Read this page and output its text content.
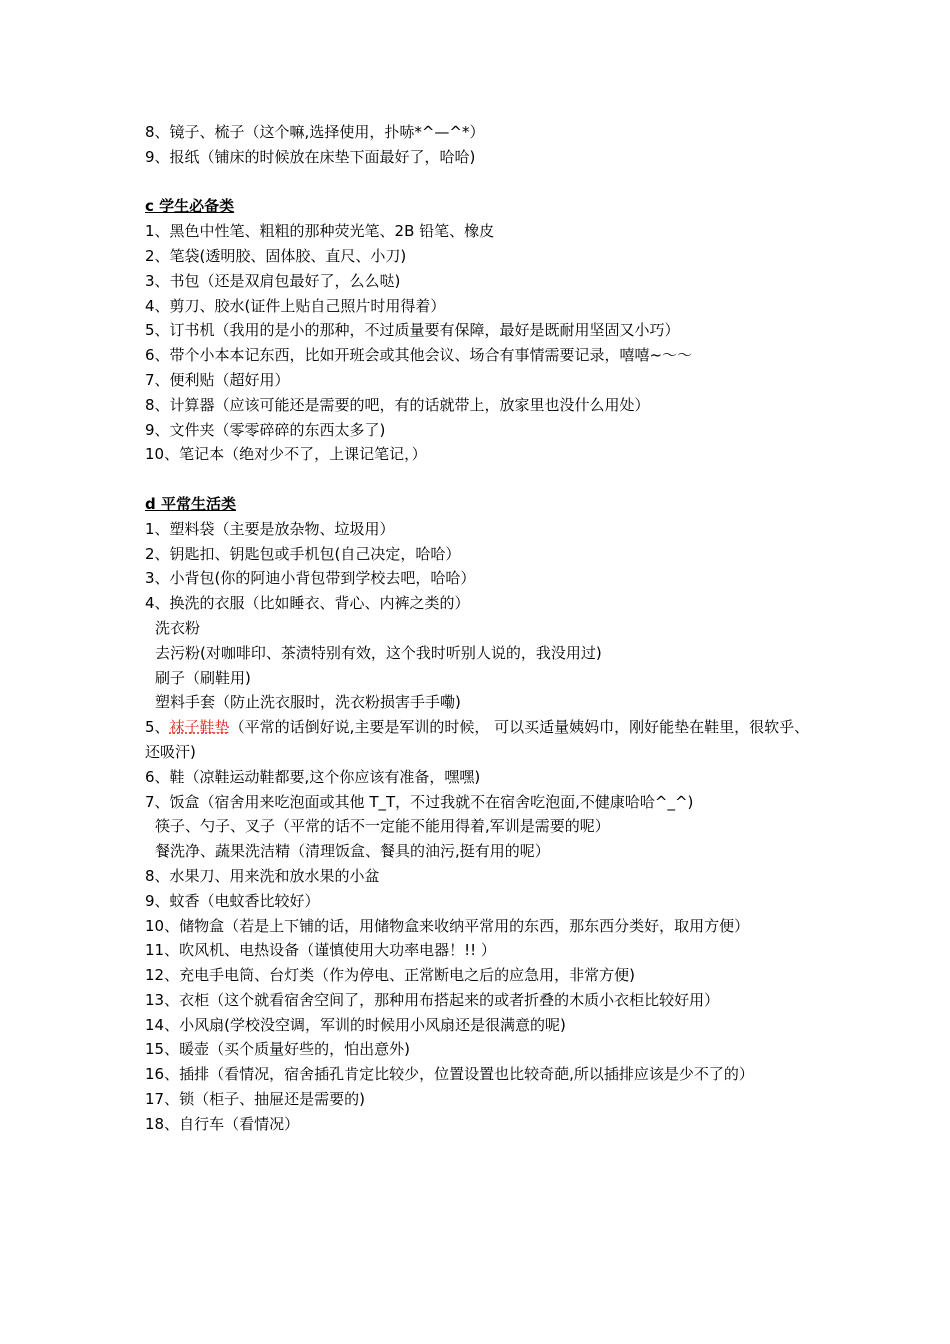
8、镜子、梳子（这个嘛,选择使用，扑哧*^—^*）
9、报纸（铺床的时候放在床垫下面最好了，哈哈)
c 学生必备类
1、黑色中性笔、粗粗的那种荧光笔、2B 铅笔、橡皮
2、笔袋(透明胶、固体胶、直尺、小刀)
3、书包（还是双肩包最好了，么么哒)
4、剪刀、胶水(证件上贴自己照片时用得着）
5、订书机（我用的是小的那种，不过质量要有保障，最好是既耐用坚固又小巧）
6、带个小本本记东西，比如开班会或其他会议、场合有事情需要记录，嘻嘻~～～
7、便利贴（超好用）
8、计算器（应该可能还是需要的吧，有的话就带上，放家里也没什么用处）
9、文件夹（零零碎碎的东西太多了)
10、笔记本（绝对少不了，上课记笔记，）
d 平常生活类
1、塑料袋（主要是放杂物、垃圾用）
2、钥匙扣、钥匙包或手机包(自己决定，哈哈）
3、小背包(你的阿迪小背包带到学校去吧，哈哈）
4、换洗的衣服（比如睡衣、背心、内裤之类的）
洗衣粉
去污粉(对咖啡印、茶渍特别有效，这个我时听别人说的，我没用过)
刷子（刷鞋用)
塑料手套（防止洗衣服时，洗衣粉损害手手嘞)
5、袜子鞋垫（平常的话倒好说,主要是军训的时候， 可以买适量姨妈巾，刚好能垫在鞋里，很软乎、还吸汗)
6、鞋（凉鞋运动鞋都要,这个你应该有准备，嘿嘿)
7、饭盒（宿舍用来吃泡面或其他 T_T，不过我就不在宿舍吃泡面,不健康哈哈^_^)
筷子、勺子、叉子（平常的话不一定能不能用得着,军训是需要的呢）
餐洗净、蔬果洗洁精（清理饭盒、餐具的油污,挺有用的呢）
8、水果刀、用来洗和放水果的小盆
9、蚊香（电蚊香比较好）
10、储物盒（若是上下铺的话，用储物盒来收纳平常用的东西，那东西分类好，取用方便）
11、吹风机、电热设备（谨慎使用大功率电器！!! ）
12、充电手电筒、台灯类（作为停电、正常断电之后的应急用，非常方便)
13、衣柜（这个就看宿舍空间了，那种用布搭起来的或者折叠的木质小衣柜比较好用）
14、小风扇(学校没空调，军训的时候用小风扇还是很满意的呢)
15、暖壶（买个质量好些的，怕出意外)
16、插排（看情况，宿舍插孔肯定比较少，位置设置也比较奇葩,所以插排应该是少不了的）
17、锁（柜子、抽屉还是需要的)
18、自行车（看情况）
